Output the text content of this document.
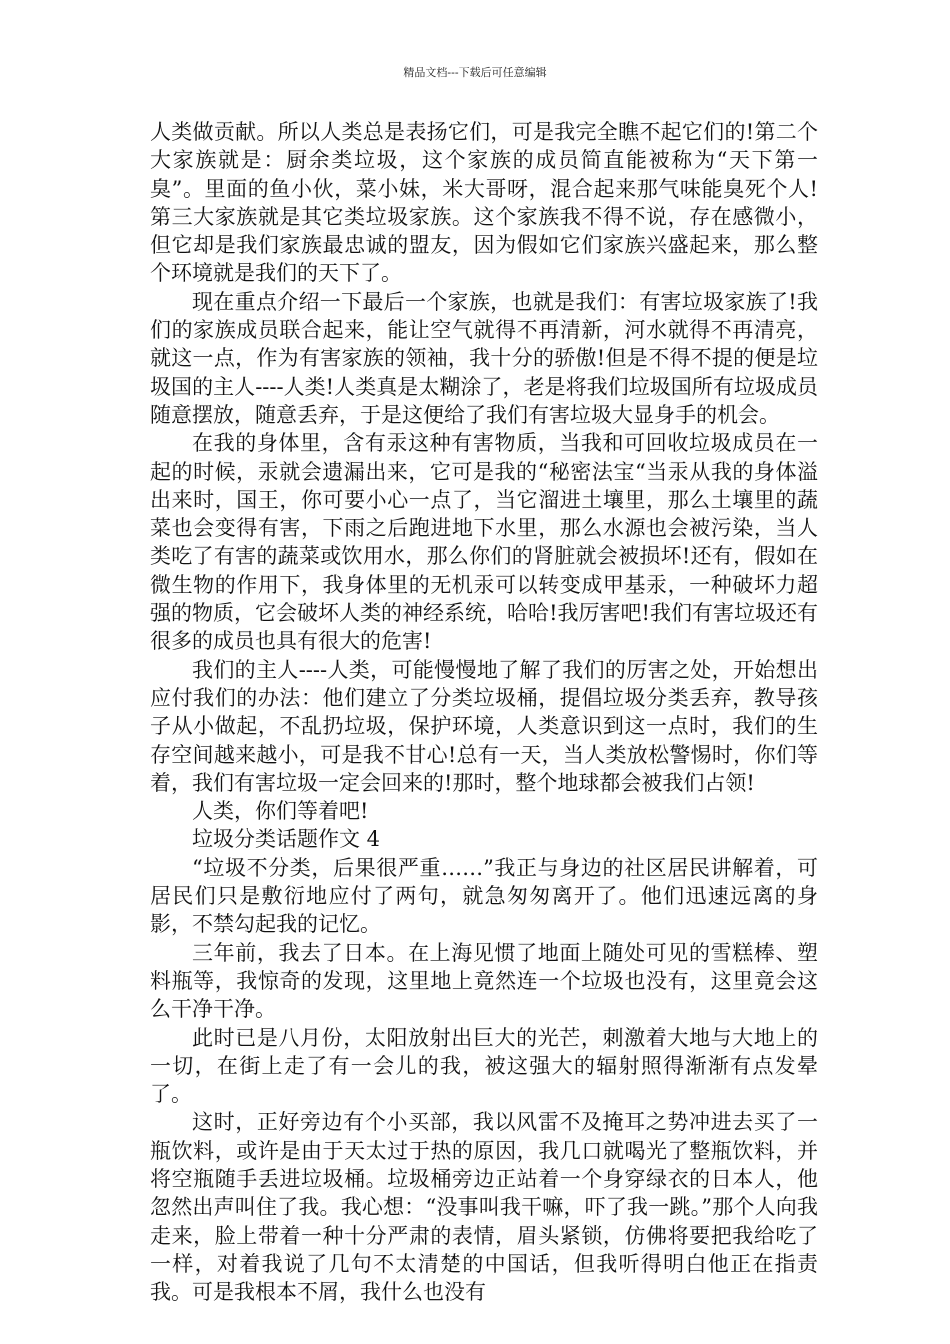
精品文档---下载后可任意编辑

人类做贡献。所以人类总是表扬它们，可是我完全瞧不起它们的!第二个大家族就是：厨余类垃圾，这个家族的成员简直能被称为“天下第一臭”。里面的鱼小伙，菜小妹，米大哥呀，混合起来那气味能臭死个人!第三大家族就是其它类垃圾家族。这个家族我不得不说，存在感微小，但它却是我们家族最忠诚的盟友，因为假如它们家族兴盛起来，那么整个环境就是我们的天下了。

现在重点介绍一下最后一个家族，也就是我们：有害垃圾家族了!我们的家族成员联合起来，能让空气就得不再清新，河水就得不再清亮，就这一点，作为有害家族的领袖，我十分的骄傲!但是不得不提的便是垃圾国的主人----人类!人类真是太糊涂了，老是将我们垃圾国所有垃圾成员随意摆放，随意丢弃，于是这便给了我们有害垃圾大显身手的机会。

在我的身体里，含有汞这种有害物质，当我和可回收垃圾成员在一起的时候，汞就会遗漏出来，它可是我的“秘密法宝“当汞从我的身体溢出来时，国王，你可要小心一点了，当它溜进土壤里，那么土壤里的蔬菜也会变得有害，下雨之后跑进地下水里，那么水源也会被污染，当人类吃了有害的蔬菜或饮用水，那么你们的肾脏就会被损坏!还有，假如在微生物的作用下，我身体里的无机汞可以转变成甲基汞，一种破坏力超强的物质，它会破坏人类的神经系统，哈哈!我厉害吧!我们有害垃圾还有很多的成员也具有很大的危害!

我们的主人----人类，可能慢慢地了解了我们的厉害之处，开始想出应付我们的办法：他们建立了分类垃圾桶，提倡垃圾分类丢弃，教导孩子从小做起，不乱扔垃圾，保护环境，人类意识到这一点时，我们的生存空间越来越小，可是我不甘心!总有一天，当人类放松警惕时，你们等着，我们有害垃圾一定会回来的!那时，整个地球都会被我们占领!

人类，你们等着吧!

垃圾分类话题作文 4

“垃圾不分类，后果很严重……”我正与身边的社区居民讲解着，可居民们只是敷衍地应付了两句，就急匆匆离开了。他们迅速远离的身影，不禁勾起我的记忆。

三年前，我去了日本。在上海见惯了地面上随处可见的雪糕棒、塑料瓶等，我惊奇的发现，这里地上竟然连一个垃圾也没有，这里竟会这么干净干净。

此时已是八月份，太阳放射出巨大的光芒，刺激着大地与大地上的一切，在街上走了有一会儿的我，被这强大的辐射照得渐渐有点发晕了。

这时，正好旁边有个小买部，我以风雷不及掩耳之势冲进去买了一瓶饮料，或许是由于天太过于热的原因，我几口就喝光了整瓶饮料，并将空瓶随手丢进垃圾桶。垃圾桶旁边正站着一个身穿绿衣的日本人，他忽然出声叫住了我。我心想：“没事叫我干嘛，吓了我一跳。”那个人向我走来，脸上带着一种十分严肃的表情，眉头紧锁，仿佛将要把我给吃了一样，对着我说了几句不太清楚的中国话，但我听得明白他正在指责我。可是我根本不屑，我什么也没有
